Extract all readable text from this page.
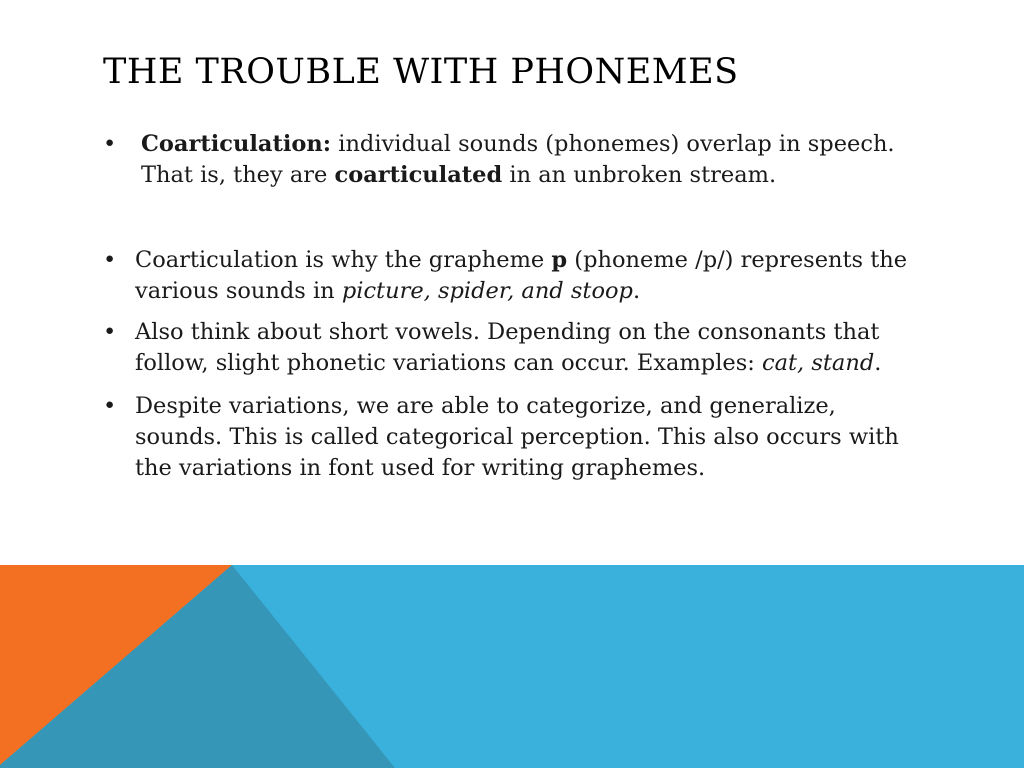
THE TROUBLE WITH PHONEMES
• Coarticulation: individual sounds (phonemes) overlap in speech. That is, they are coarticulated in an unbroken stream.
• Coarticulation is why the grapheme p (phoneme /p/) represents the various sounds in picture, spider, and stoop.
• Also think about short vowels. Depending on the consonants that follow, slight phonetic variations can occur. Examples: cat, stand.
• Despite variations, we are able to categorize, and generalize, sounds. This is called categorical perception. This also occurs with the variations in font used for writing graphemes.
